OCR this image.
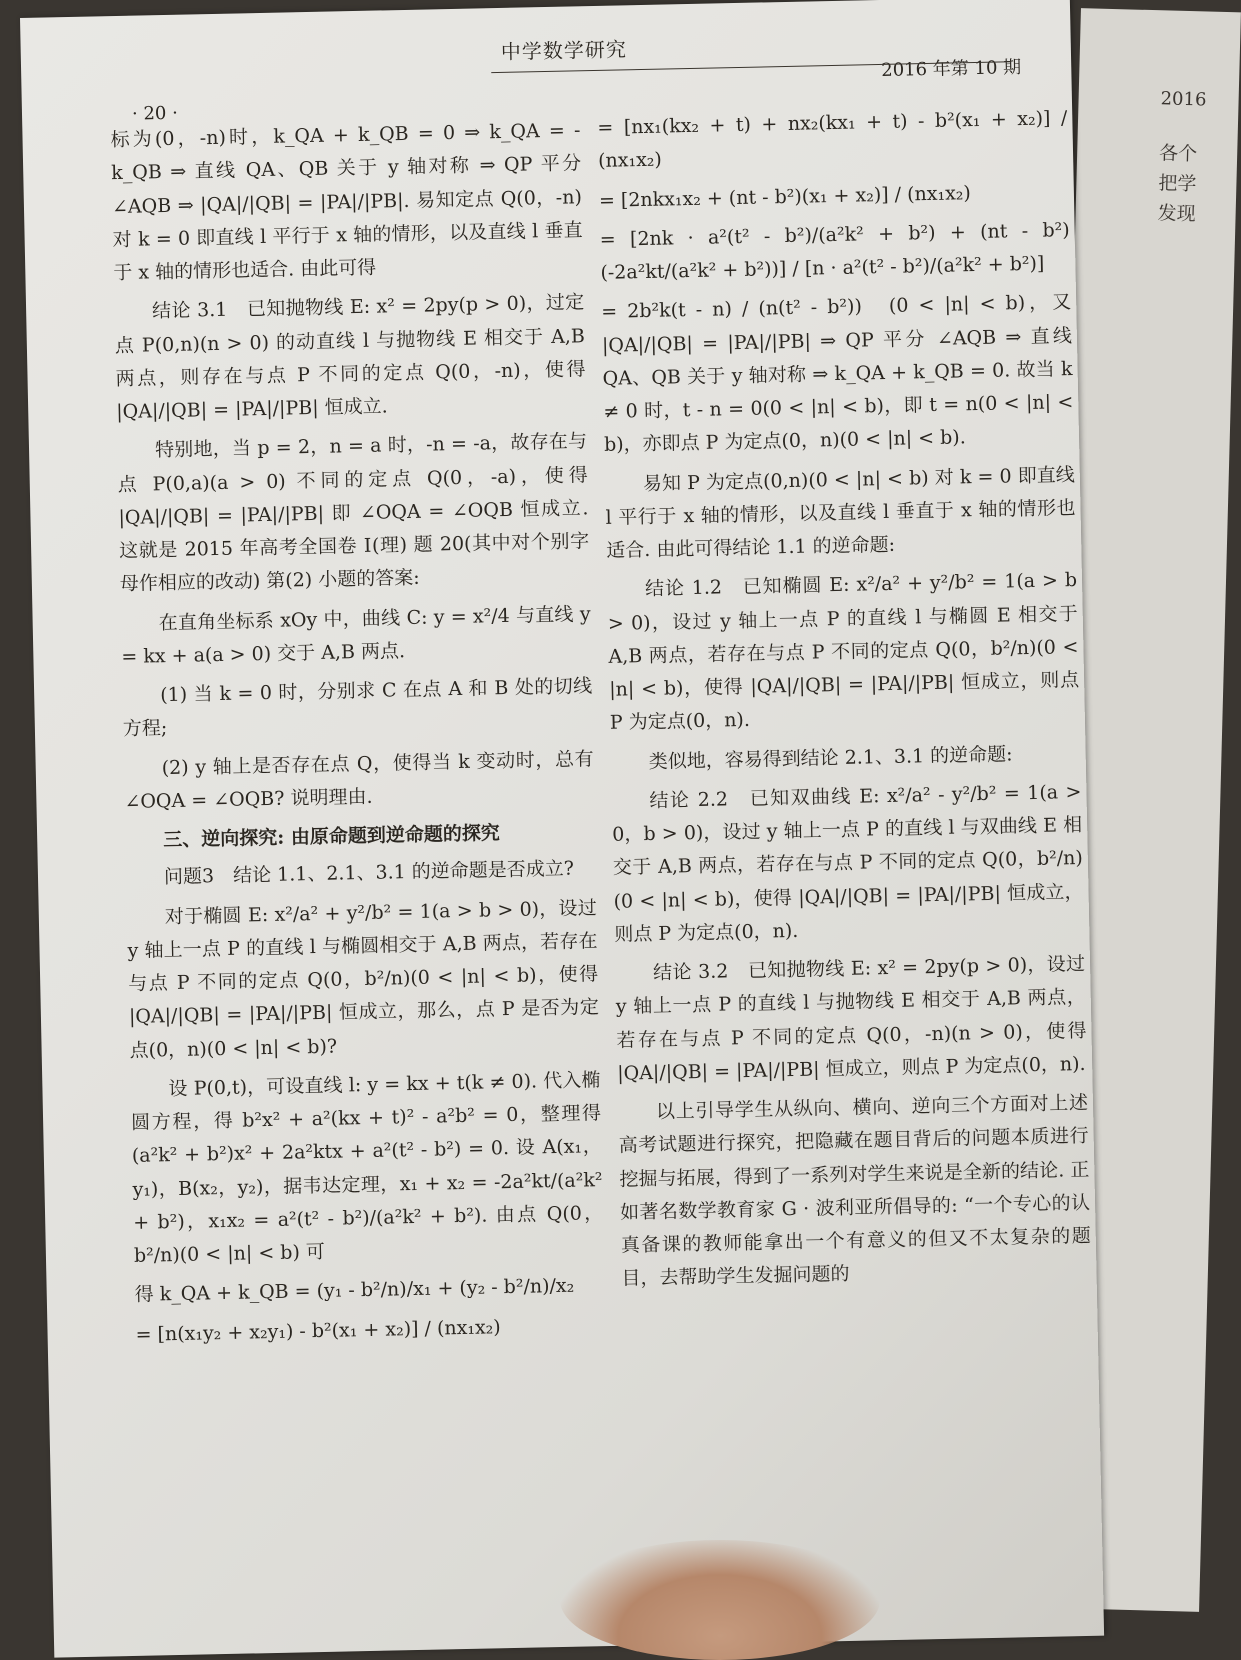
2016
各个
把学
发现
中学数学研究
2016 年第 10 期
· 20 ·

标为(0，-n)时，k_QA + k_QB = 0 ⇒ k_QA = -k_QB ⇒ 直线 QA、QB 关于 y 轴对称 ⇒ QP 平分 ∠AQB ⇒ |QA|/|QB| = |PA|/|PB|. 易知定点 Q(0，-n) 对 k = 0 即直线 l 平行于 x 轴的情形，以及直线 l 垂直于 x 轴的情形也适合. 由此可得

结论 3.1　已知抛物线 E: x² = 2py(p > 0)，过定点 P(0,n)(n > 0) 的动直线 l 与抛物线 E 相交于 A,B 两点，则存在与点 P 不同的定点 Q(0，-n)，使得 |QA|/|QB| = |PA|/|PB| 恒成立.

特别地，当 p = 2，n = a 时，-n = -a，故存在与点 P(0,a)(a > 0) 不同的定点 Q(0，-a)，使得 |QA|/|QB| = |PA|/|PB| 即 ∠OQA = ∠OQB 恒成立. 这就是 2015 年高考全国卷 Ⅰ(理) 题 20(其中对个别字母作相应的改动) 第(2) 小题的答案:

在直角坐标系 xOy 中，曲线 C: y = x²/4 与直线 y = kx + a(a > 0) 交于 A,B 两点.

(1) 当 k = 0 时，分别求 C 在点 A 和 B 处的切线方程;

(2) y 轴上是否存在点 Q，使得当 k 变动时，总有 ∠OQA = ∠OQB? 说明理由.

三、逆向探究: 由原命题到逆命题的探究

问题3　结论 1.1、2.1、3.1 的逆命题是否成立?

对于椭圆 E: x²/a² + y²/b² = 1(a > b > 0)，设过 y 轴上一点 P 的直线 l 与椭圆相交于 A,B 两点，若存在与点 P 不同的定点 Q(0，b²/n)(0 < |n| < b)，使得 |QA|/|QB| = |PA|/|PB| 恒成立，那么，点 P 是否为定点(0，n)(0 < |n| < b)?

设 P(0,t)，可设直线 l: y = kx + t(k ≠ 0). 代入椭圆方程，得 b²x² + a²(kx + t)² - a²b² = 0，整理得 (a²k² + b²)x² + 2a²ktx + a²(t² - b²) = 0. 设 A(x₁，y₁)，B(x₂，y₂)，据韦达定理，x₁ + x₂ = -2a²kt/(a²k² + b²)，x₁x₂ = a²(t² - b²)/(a²k² + b²). 由点 Q(0，b²/n)(0 < |n| < b) 可

得 k_QA + k_QB = (y₁ - b²/n)/x₁ + (y₂ - b²/n)/x₂

= [n(x₁y₂ + x₂y₁) - b²(x₁ + x₂)] / (nx₁x₂)

= [nx₁(kx₂ + t) + nx₂(kx₁ + t) - b²(x₁ + x₂)] / (nx₁x₂)

= [2nkx₁x₂ + (nt - b²)(x₁ + x₂)] / (nx₁x₂)

= [2nk · a²(t² - b²)/(a²k² + b²) + (nt - b²)(-2a²kt/(a²k² + b²))] / [n · a²(t² - b²)/(a²k² + b²)]

= 2b²k(t - n) / (n(t² - b²))　(0 < |n| < b)，又 |QA|/|QB| = |PA|/|PB| ⇒ QP 平分 ∠AQB ⇒ 直线 QA、QB 关于 y 轴对称 ⇒ k_QA + k_QB = 0. 故当 k ≠ 0 时，t - n = 0(0 < |n| < b)，即 t = n(0 < |n| < b)，亦即点 P 为定点(0，n)(0 < |n| < b).

易知 P 为定点(0,n)(0 < |n| < b) 对 k = 0 即直线 l 平行于 x 轴的情形，以及直线 l 垂直于 x 轴的情形也适合. 由此可得结论 1.1 的逆命题:

结论 1.2　已知椭圆 E: x²/a² + y²/b² = 1(a > b > 0)，设过 y 轴上一点 P 的直线 l 与椭圆 E 相交于 A,B 两点，若存在与点 P 不同的定点 Q(0，b²/n)(0 < |n| < b)，使得 |QA|/|QB| = |PA|/|PB| 恒成立，则点 P 为定点(0，n).

类似地，容易得到结论 2.1、3.1 的逆命题:

结论 2.2　已知双曲线 E: x²/a² - y²/b² = 1(a > 0，b > 0)，设过 y 轴上一点 P 的直线 l 与双曲线 E 相交于 A,B 两点，若存在与点 P 不同的定点 Q(0，b²/n)(0 < |n| < b)，使得 |QA|/|QB| = |PA|/|PB| 恒成立，则点 P 为定点(0，n).

结论 3.2　已知抛物线 E: x² = 2py(p > 0)，设过 y 轴上一点 P 的直线 l 与抛物线 E 相交于 A,B 两点，若存在与点 P 不同的定点 Q(0，-n)(n > 0)，使得 |QA|/|QB| = |PA|/|PB| 恒成立，则点 P 为定点(0，n).

以上引导学生从纵向、横向、逆向三个方面对上述高考试题进行探究，把隐藏在题目背后的问题本质进行挖掘与拓展，得到了一系列对学生来说是全新的结论. 正如著名数学教育家 G · 波利亚所倡导的: “一个专心的认真备课的教师能拿出一个有意义的但又不太复杂的题目，去帮助学生发掘问题的
